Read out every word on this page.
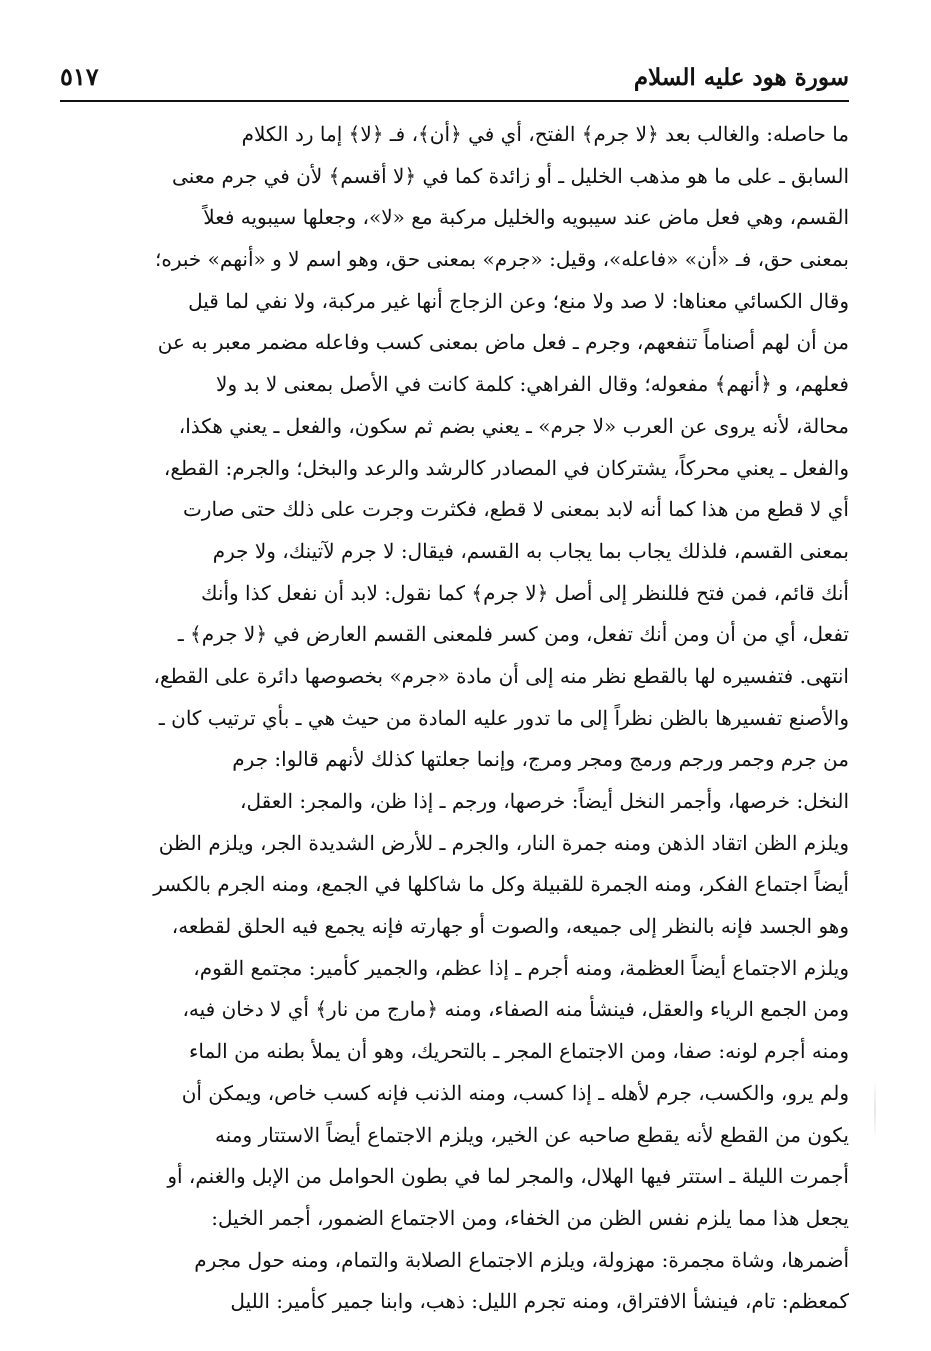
سورة هود عليه السلام
٥١٧
ما حاصله: والغالب بعد ﴿لا جرم﴾ الفتح، أي في ﴿أن﴾، فـ ﴿لا﴾ إما رد الكلام
السابق ـ على ما هو مذهب الخليل ـ أو زائدة كما في ﴿لا أقسم﴾ لأن في جرم معنى
القسم، وهي فعل ماض عند سيبويه والخليل مركبة مع «لا»، وجعلها سيبويه فعلاً
بمعنى حق، فـ «أن» «فاعله»، وقيل: «جرم» بمعنى حق، وهو اسم لا و «أنهم» خبره؛
وقال الكسائي معناها: لا صد ولا منع؛ وعن الزجاج أنها غير مركبة، ولا نفي لما قيل
من أن لهم أصناماً تنفعهم، وجرم ـ فعل ماض بمعنى كسب وفاعله مضمر معبر به عن
فعلهم، و ﴿أنهم﴾ مفعوله؛ وقال الفراهي: كلمة كانت في الأصل بمعنى لا بد ولا
محالة، لأنه يروى عن العرب «لا جرم» ـ يعني بضم ثم سكون، والفعل ـ يعني هكذا،
والفعل ـ يعني محركاً، يشتركان في المصادر كالرشد والرعد والبخل؛ والجرم: القطع،
أي لا قطع من هذا كما أنه لابد بمعنى لا قطع، فكثرت وجرت على ذلك حتى صارت
بمعنى القسم، فلذلك يجاب بما يجاب به القسم، فيقال: لا جرم لآتينك، ولا جرم
أنك قائم، فمن فتح فللنظر إلى أصل ﴿لا جرم﴾ كما نقول: لابد أن نفعل كذا وأنك
تفعل، أي من أن ومن أنك تفعل، ومن كسر فلمعنى القسم العارض في ﴿لا جرم﴾ ـ
انتهى. فتفسيره لها بالقطع نظر منه إلى أن مادة «جرم» بخصوصها دائرة على القطع،
والأصنع تفسيرها بالظن نظراً إلى ما تدور عليه المادة من حيث هي ـ بأي ترتيب كان ـ
من جرم وجمر ورجم ورمج ومجر ومرج، وإنما جعلتها كذلك لأنهم قالوا: جرم
النخل: خرصها، وأجمر النخل أيضاً: خرصها، ورجم ـ إذا ظن، والمجر: العقل،
ويلزم الظن اتقاد الذهن ومنه جمرة النار، والجرم ـ للأرض الشديدة الجر، ويلزم الظن
أيضاً اجتماع الفكر، ومنه الجمرة للقبيلة وكل ما شاكلها في الجمع، ومنه الجرم بالكسر
وهو الجسد فإنه بالنظر إلى جميعه، والصوت أو جهارته فإنه يجمع فيه الحلق لقطعه،
ويلزم الاجتماع أيضاً العظمة، ومنه أجرم ـ إذا عظم، والجمير كأمير: مجتمع القوم،
ومن الجمع الرياء والعقل، فينشأ منه الصفاء، ومنه ﴿مارج من نار﴾ أي لا دخان فيه،
ومنه أجرم لونه: صفا، ومن الاجتماع المجر ـ بالتحريك، وهو أن يملأ بطنه من الماء
ولم يرو، والكسب، جرم لأهله ـ إذا كسب، ومنه الذنب فإنه كسب خاص، ويمكن أن
يكون من القطع لأنه يقطع صاحبه عن الخير، ويلزم الاجتماع أيضاً الاستتار ومنه
أجمرت الليلة ـ استتر فيها الهلال، والمجر لما في بطون الحوامل من الإبل والغنم، أو
يجعل هذا مما يلزم نفس الظن من الخفاء، ومن الاجتماع الضمور، أجمر الخيل:
أضمرها، وشاة مجمرة: مهزولة، ويلزم الاجتماع الصلابة والتمام، ومنه حول مجرم
كمعظم: تام، فينشأ الافتراق، ومنه تجرم الليل: ذهب، وابنا جمير كأمير: الليل
